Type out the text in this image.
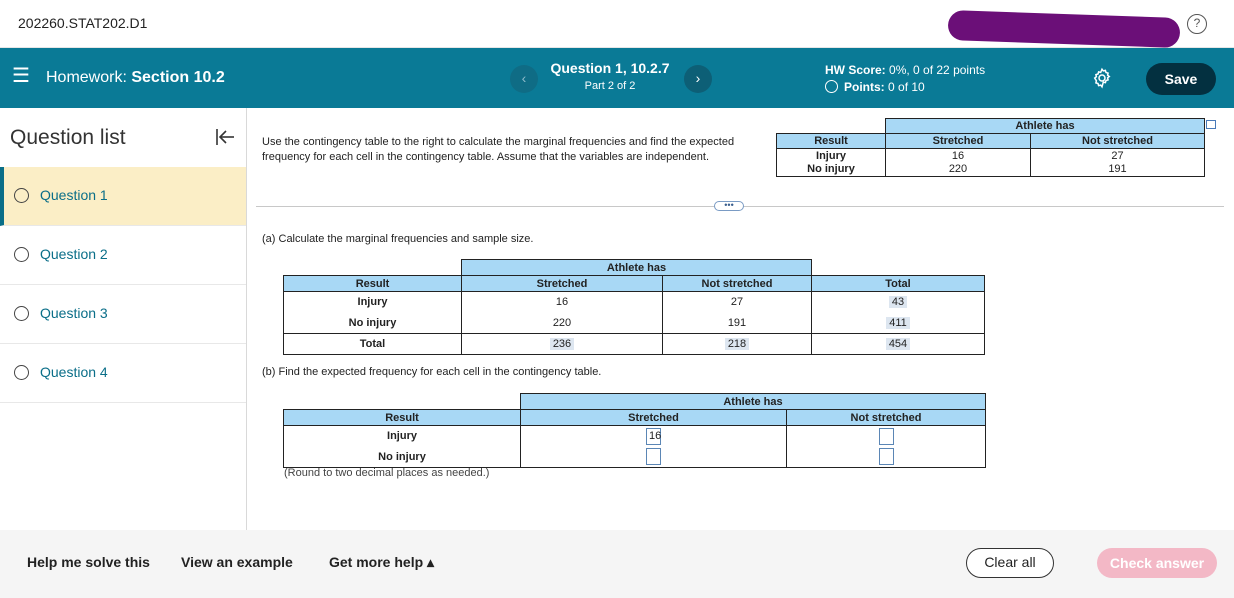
202260.STAT202.D1	?
☰ Homework: Section 10.2	‹
Question 1, 10.2.7
Part 2 of 2	›	HW Score: 0%, 0 of 22 points
Points: 0 of 10	Save
Question list
Question 1
Question 2
Question 3
Question 4
Use the contingency table to the right to calculate the marginal frequencies and find the expected frequency for each cell in the contingency table. Assume that the variables are independent.
	Athlete has		
Result	Stretched	Not stretched	
Injury	16	27	
No injury	220	191	
•••
(a) Calculate the marginal frequencies and sample size.
	Athlete has		
Result	Stretched	Not stretched	Total
Injury	16	27	43
No injury	220	191	411
Total	236	218	454
(b) Find the expected frequency for each cell in the contingency table.
	Athlete has	
Result	Stretched	Not stretched
Injury	16	
No injury		
(Round to two decimal places as needed.)
Help me solve this View an example	Get more help ▴	Clear all	Check answer
